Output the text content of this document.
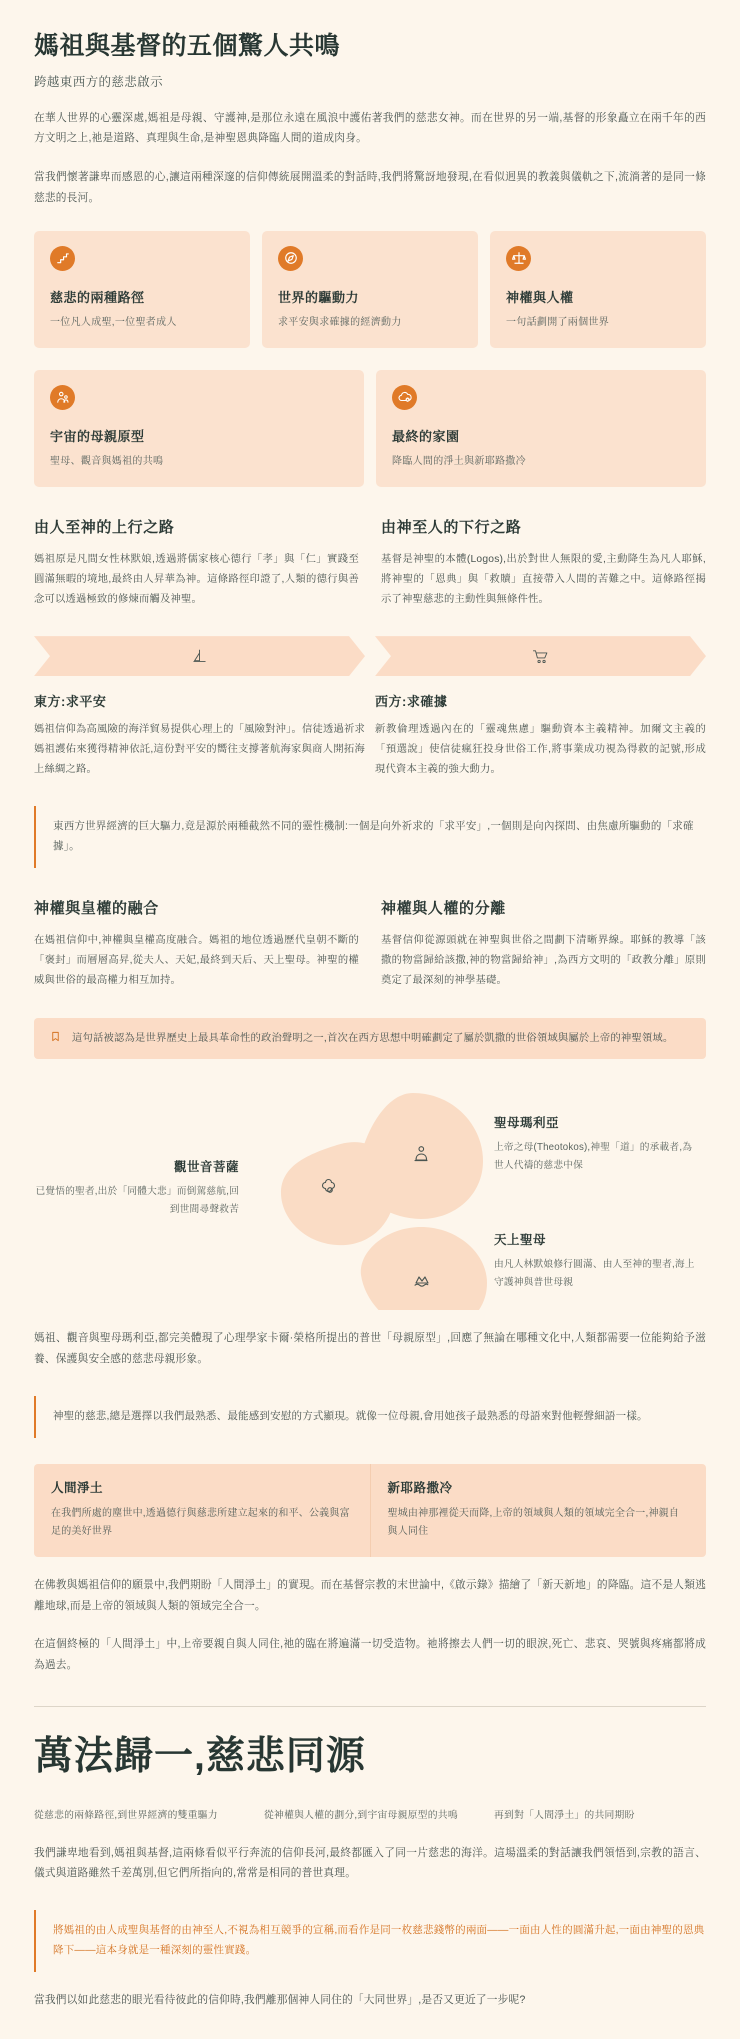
媽祖與基督的五個驚人共鳴
跨越東西方的慈悲啟示

在華人世界的心靈深處,媽祖是母親、守護神,是那位永遠在風浪中護佑著我們的慈悲女神。而在世界的另一端,基督的形象矗立在兩千年的西方文明之上,祂是道路、真理與生命,是神聖恩典降臨人間的道成肉身。

當我們懷著謙卑而感恩的心,讓這兩種深邃的信仰傳統展開溫柔的對話時,我們將驚訝地發現,在看似迥異的教義與儀軌之下,流淌著的是同一條慈悲的長河。

慈悲的兩種路徑
一位凡人成聖,一位聖者成人
世界的驅動力
求平安與求確據的經濟動力
神權與人權
一句話劃開了兩個世界
宇宙的母親原型
聖母、觀音與媽祖的共鳴
最終的家園
降臨人間的淨土與新耶路撒冷
由人至神的上行之路

媽祖原是凡間女性林默娘,透過將儒家核心德行「孝」與「仁」實踐至圓滿無暇的境地,最終由人昇華為神。這條路徑印證了,人類的德行與善念可以透過極致的修煉而觸及神聖。

由神至人的下行之路

基督是神聖的本體(Logos),出於對世人無限的愛,主動降生為凡人耶穌,將神聖的「恩典」與「救贖」直接帶入人間的苦難之中。這條路徑揭示了神聖慈悲的主動性與無條件性。

東方:求平安
媽祖信仰為高風險的海洋貿易提供心理上的「風險對沖」。信徒透過祈求媽祖護佑來獲得精神依託,這份對平安的嚮往支撐著航海家與商人開拓海上絲綢之路。
西方:求確據
新教倫理透過內在的「靈魂焦慮」驅動資本主義精神。加爾文主義的「預選說」使信徒瘋狂投身世俗工作,將事業成功視為得救的記號,形成現代資本主義的強大動力。
東西方世界經濟的巨大驅力,竟是源於兩種截然不同的靈性機制:一個是向外祈求的「求平安」,一個則是向內探問、由焦慮所驅動的「求確據」。
神權與皇權的融合

在媽祖信仰中,神權與皇權高度融合。媽祖的地位透過歷代皇朝不斷的「褒封」而層層高昇,從夫人、天妃,最終到天后、天上聖母。神聖的權威與世俗的最高權力相互加持。

神權與人權的分離

基督信仰從源頭就在神聖與世俗之間劃下清晰界線。耶穌的教導「該撒的物當歸給該撒,神的物當歸給神」,為西方文明的「政教分離」原則奠定了最深刻的神學基礎。

這句話被認為是世界歷史上最具革命性的政治聲明之一,首次在西方思想中明確劃定了屬於凱撒的世俗領域與屬於上帝的神聖領域。
觀世音菩薩

已覺悟的聖者,出於「同體大悲」而倒駕慈航,回到世間尋聲救苦

聖母瑪利亞

上帝之母(Theotokos),神聖「道」的承載者,為世人代禱的慈悲中保

天上聖母

由凡人林默娘修行圓滿、由人至神的聖者,海上守護神與普世母親

媽祖、觀音與聖母瑪利亞,都完美體現了心理學家卡爾·榮格所提出的普世「母親原型」,回應了無論在哪種文化中,人類都需要一位能夠給予滋養、保護與安全感的慈悲母親形象。

神聖的慈悲,總是選擇以我們最熟悉、最能感到安慰的方式顯現。就像一位母親,會用她孩子最熟悉的母語來對他輕聲細語一樣。
人間淨土

在我們所處的塵世中,透過德行與慈悲所建立起來的和平、公義與富足的美好世界

新耶路撒冷

聖城由神那裡從天而降,上帝的領域與人類的領域完全合一,神親自與人同住

在佛教與媽祖信仰的願景中,我們期盼「人間淨土」的實現。而在基督宗教的末世論中,《啟示錄》描繪了「新天新地」的降臨。這不是人類逃離地球,而是上帝的領域與人類的領域完全合一。

在這個終極的「人間淨土」中,上帝要親自與人同住,祂的臨在將遍滿一切受造物。祂將擦去人們一切的眼淚,死亡、悲哀、哭號與疼痛都將成為過去。

萬法歸一,慈悲同源
從慈悲的兩條路徑,到世界經濟的雙重驅力	從神權與人權的劃分,到宇宙母親原型的共鳴	再到對「人間淨土」的共同期盼

我們謙卑地看到,媽祖與基督,這兩條看似平行奔流的信仰長河,最終都匯入了同一片慈悲的海洋。這場溫柔的對話讓我們領悟到,宗教的語言、儀式與道路雖然千差萬別,但它們所指向的,常常是相同的普世真理。

將媽祖的由人成聖與基督的由神至人,不視為相互競爭的宣稱,而看作是同一枚慈悲錢幣的兩面——一面由人性的圓滿升起,一面由神聖的恩典降下——這本身就是一種深刻的靈性實踐。

當我們以如此慈悲的眼光看待彼此的信仰時,我們離那個神人同住的「大同世界」,是否又更近了一步呢?
